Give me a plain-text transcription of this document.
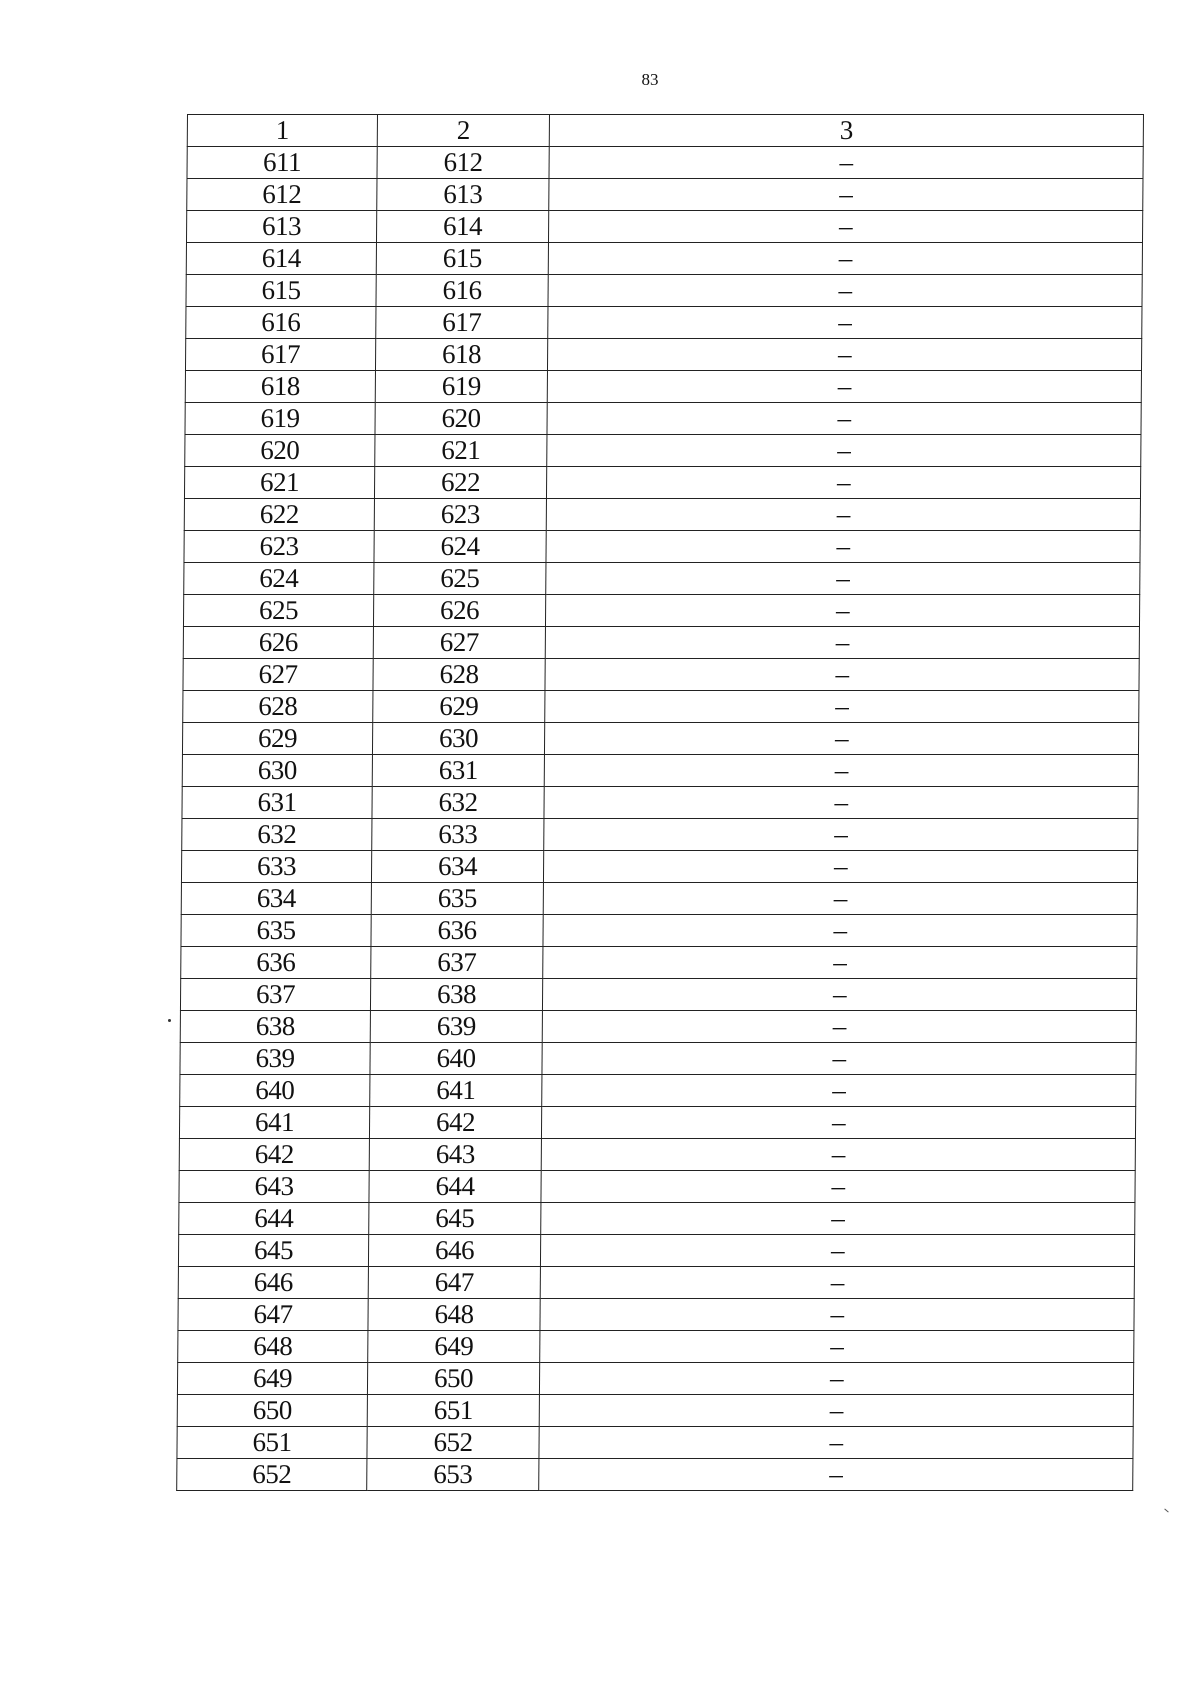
83
1	2	3
611	612	–
612	613	–
613	614	–
614	615	–
615	616	–
616	617	–
617	618	–
618	619	–
619	620	–
620	621	–
621	622	–
622	623	–
623	624	–
624	625	–
625	626	–
626	627	–
627	628	–
628	629	–
629	630	–
630	631	–
631	632	–
632	633	–
633	634	–
634	635	–
635	636	–
636	637	–
637	638	–
638	639	–
639	640	–
640	641	–
641	642	–
642	643	–
643	644	–
644	645	–
645	646	–
646	647	–
647	648	–
648	649	–
649	650	–
650	651	–
651	652	–
652	653	–
